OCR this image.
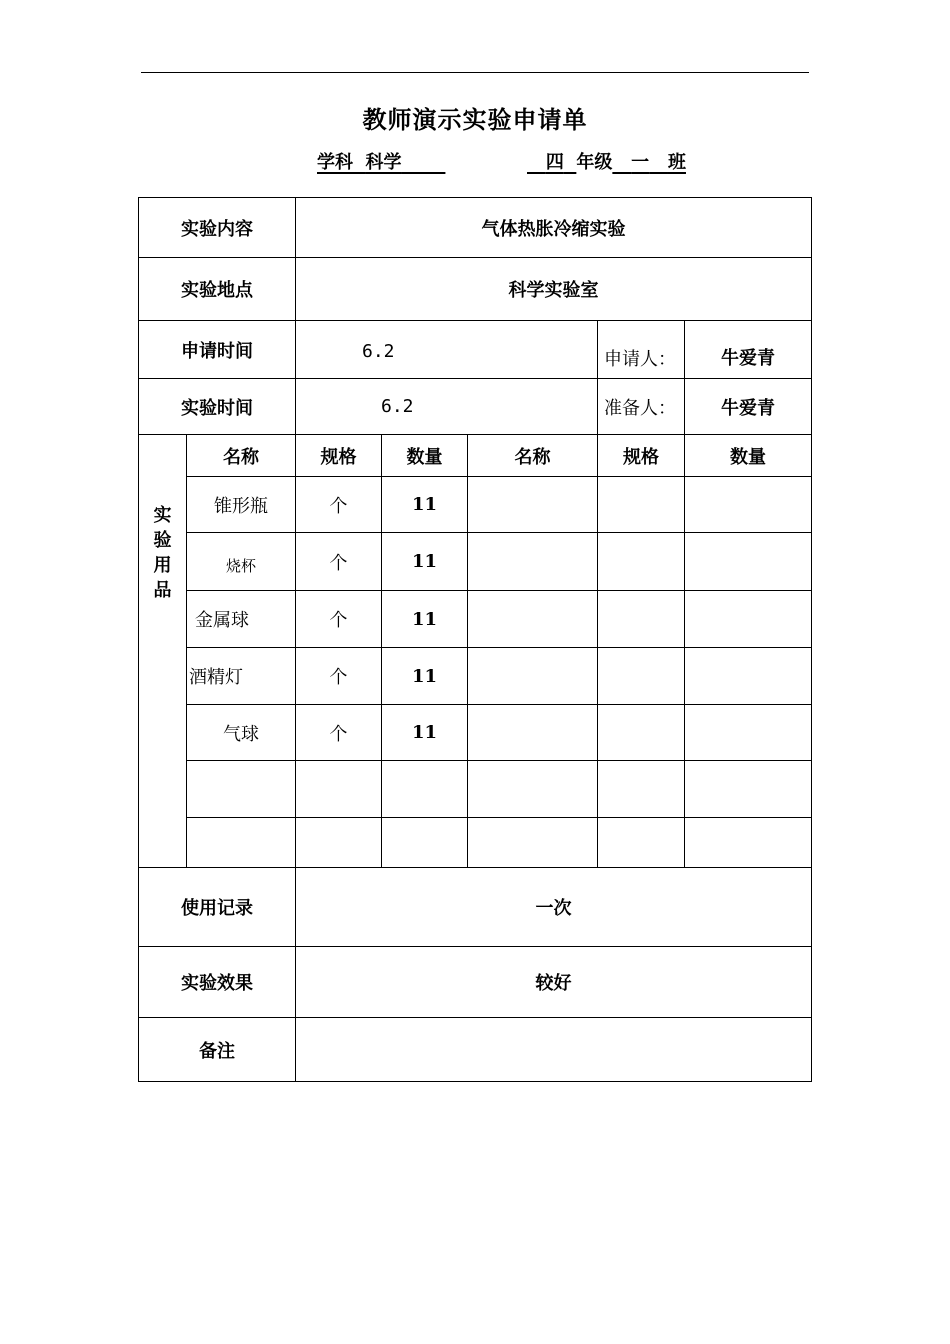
教师演示实验申请单
学科 科学	四 年级 一 班
实验内容		气体热胀冷缩实验				
实验地点		科学实验室				
申请时间		6.2			申请人：	牛爱青
实验时间		6.2			准备人：	牛爱青

实
验
用
品	名称	规格	数量	名称	规格	数量
	锥形瓶	个	11			
	烧杯	个	11			
	金属球	个	11			
	酒精灯	个	11			
	气球	个	11			

使用记录		一次				
实验效果		较好				
备注						
